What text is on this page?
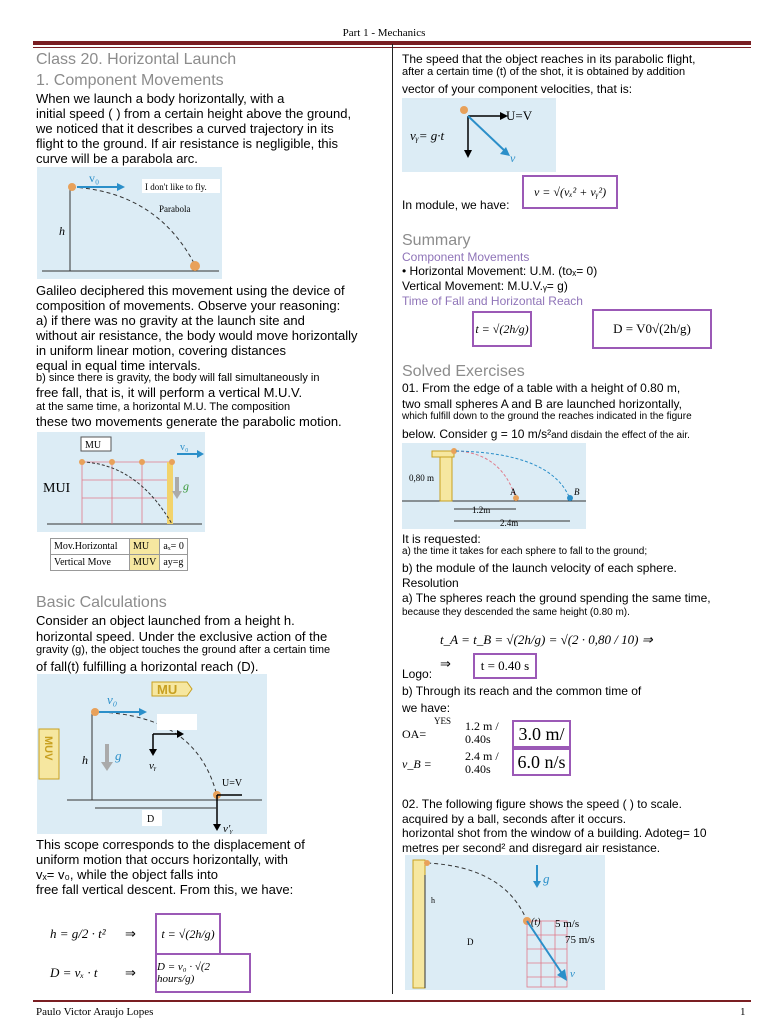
Part 1 - Mechanics
Class 20. Horizontal Launch
1. Component Movements
When we launch a body horizontally, with a
initial speed ( ) from a certain height above the ground,
we noticed that it describes a curved trajectory in its
flight to the ground. If air resistance is negligible, this
curve will be a parabola arc.
v₀
I don't like to fly.
Parabola
h
Galileo deciphered this movement using the device of
composition of movements. Observe your reasoning:
a) if there was no gravity at the launch site and
without air resistance, the body would move horizontally
in uniform linear motion, covering distances
equal in equal time intervals.
b) since there is gravity, the body will fall simultaneously in
free fall, that is, it will perform a vertical M.U.V.
at the same time, a horizontal M.U. The composition
these two movements generate the parabolic motion.
MU
MUI
v₀
g
Mov.Horizontal	MU	aₓ= 0
Vertical Move	MUV	ay=g
Basic Calculations
Consider an object launched from a height h.
horizontal speed. Under the exclusive action of the
gravity (g), the object touches the ground after a certain time
of fall(t) fulfilling a horizontal reach (D).
MU
MUV
v₀
h g
vᵧ
U=V
v'ᵧ
D
This scope corresponds to the displacement of
uniform motion that occurs horizontally, with
vₓ= v₀, while the object falls into
free fall vertical descent. From this, we have:
h = g/2 · t² ⇒	t = √(2h/g)
D = vₓ · t ⇒ D = v₀ · √(2 hours/g)
The speed that the object reaches in its parabolic flight,
after a certain time (t) of the shot, it is obtained by addition
vector of your component velocities, that is:
U=V
vᵧ= g·t
v
v = √(vₓ² + vᵧ²)
In module, we have:
Summary
Component Movements
• Horizontal Movement: U.M. (toₓ= 0)
Vertical Movement: M.U.V.ᵧ= g)
Time of Fall and Horizontal Reach
t = √(2h/g)	D = V0√(2h/g)
Solved Exercises
01. From the edge of a table with a height of 0.80 m,
two small spheres A and B are launched horizontally,
which fulfill down to the ground the reaches indicated in the figure
below. Consider g = 10 m/s²and disdain the effect of the air.
0,80 m
A	B
1.2m
2.4m
It is requested:
a) the time it takes for each sphere to fall to the ground;
b) the module of the launch velocity of each sphere.
Resolution
a) The spheres reach the ground spending the same time,
because they descended the same height (0.80 m).
t_A = t_B = √(2h/g) = √(2 · 0,80 / 10) ⇒
⇒
Logo:
t = 0.40 s
b) Through its reach and the common time of
we have:
OA=
YES 1.2 m / 0.40s	3.0 m/
v_B =
2.4 m / 0.40s	6.0 n/s
02. The following figure shows the speed ( ) to scale.
acquired by a ball, seconds after it occurs.
horizontal shot from the window of a building. Adoteg= 10
metres per second² and disregard air resistance.
g
h
D
(t) 5 m/s
75 m/s
v
Paulo Victor Araujo Lopes	1
